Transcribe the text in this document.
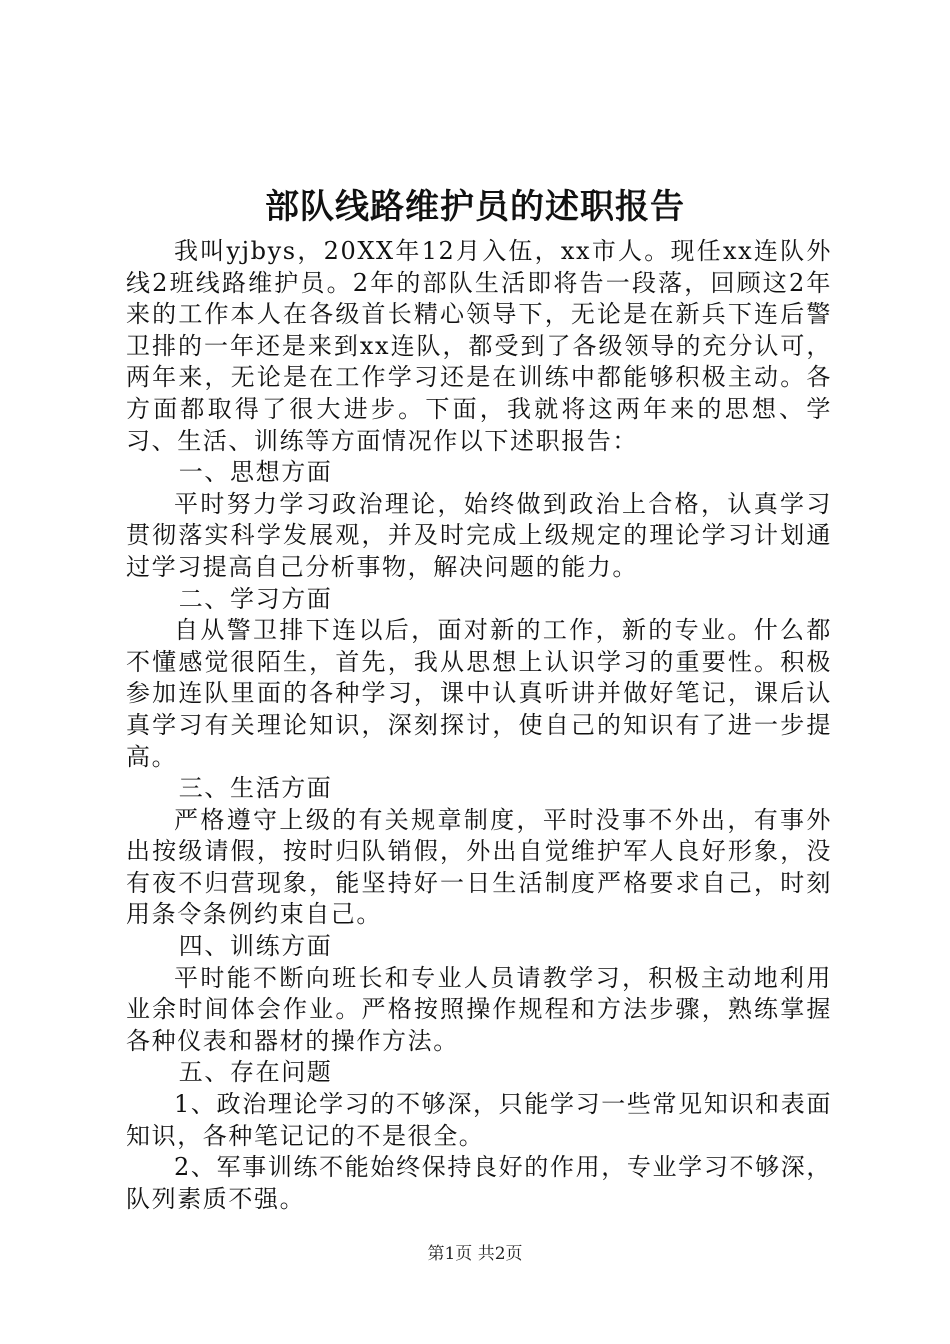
部队线路维护员的述职报告

我叫yjbys，20XX年12月入伍，xx市人。现任xx连队外线2班线路维护员。2年的部队生活即将告一段落，回顾这2年来的工作本人在各级首长精心领导下，无论是在新兵下连后警卫排的一年还是来到xx连队，都受到了各级领导的充分认可，两年来，无论是在工作学习还是在训练中都能够积极主动。各方面都取得了很大进步。下面，我就将这两年来的思想、学习、生活、训练等方面情况作以下述职报告：

一、思想方面

平时努力学习政治理论，始终做到政治上合格，认真学习贯彻落实科学发展观，并及时完成上级规定的理论学习计划通过学习提高自己分析事物，解决问题的能力。

二、学习方面

自从警卫排下连以后，面对新的工作，新的专业。什么都不懂感觉很陌生，首先，我从思想上认识学习的重要性。积极参加连队里面的各种学习，课中认真听讲并做好笔记，课后认真学习有关理论知识，深刻探讨，使自己的知识有了进一步提高。

三、生活方面

严格遵守上级的有关规章制度，平时没事不外出，有事外出按级请假，按时归队销假，外出自觉维护军人良好形象，没有夜不归营现象，能坚持好一日生活制度严格要求自己，时刻用条令条例约束自己。

四、训练方面

平时能不断向班长和专业人员请教学习，积极主动地利用业余时间体会作业。严格按照操作规程和方法步骤，熟练掌握各种仪表和器材的操作方法。

五、存在问题

1、政治理论学习的不够深，只能学习一些常见知识和表面知识，各种笔记记的不是很全。

2、军事训练不能始终保持良好的作用，专业学习不够深，队列素质不强。

第1页 共2页
